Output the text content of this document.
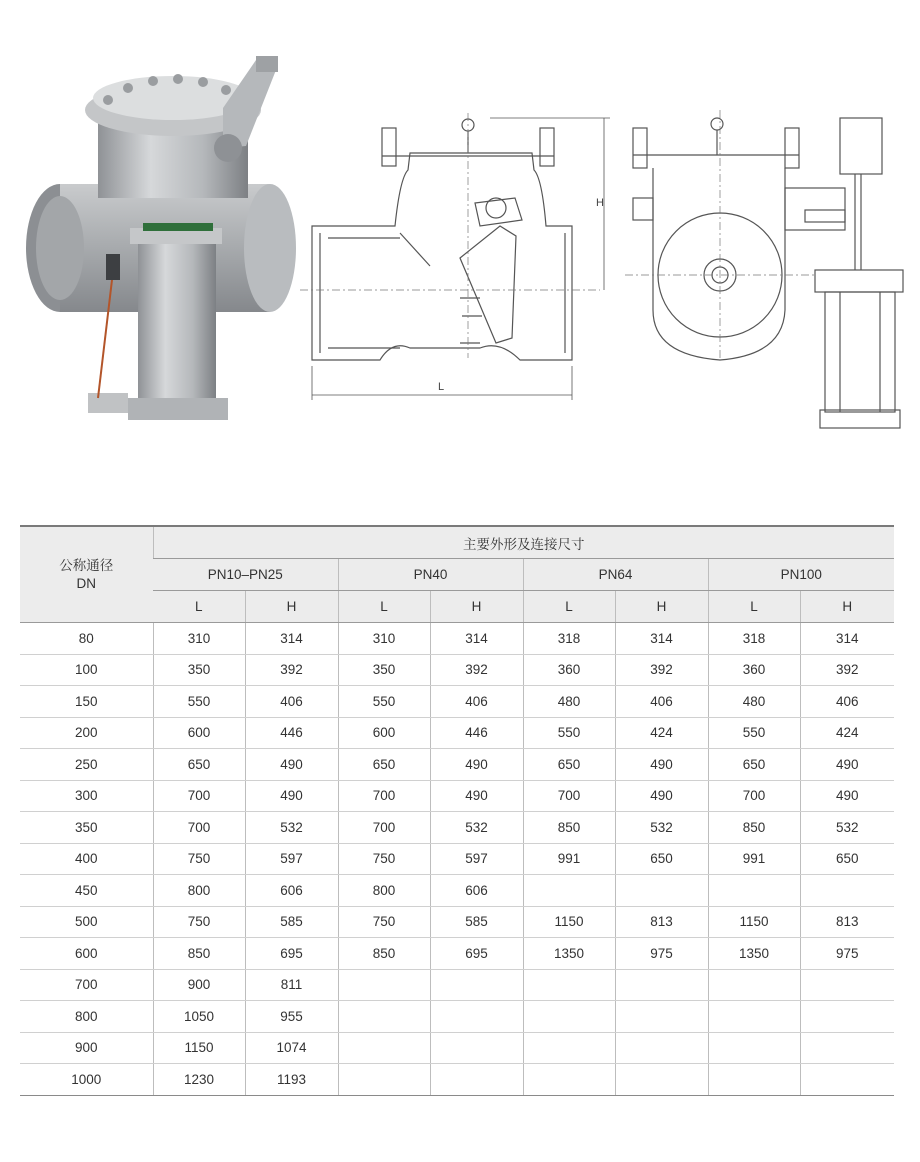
H
L
公称通径
DN	主要外形及连接尺寸							
	PN10–PN25		PN40		PN64		PN100	
	L	H	L	H	L	H	L	H
80	310	314	310	314	318	314	318	314
100	350	392	350	392	360	392	360	392
150	550	406	550	406	480	406	480	406
200	600	446	600	446	550	424	550	424
250	650	490	650	490	650	490	650	490
300	700	490	700	490	700	490	700	490
350	700	532	700	532	850	532	850	532
400	750	597	750	597	991	650	991	650
450	800	606	800	606				
500	750	585	750	585	1150	813	1150	813
600	850	695	850	695	1350	975	1350	975
700	900	811						
800	1050	955						
900	1150	1074						
1000	1230	1193						
